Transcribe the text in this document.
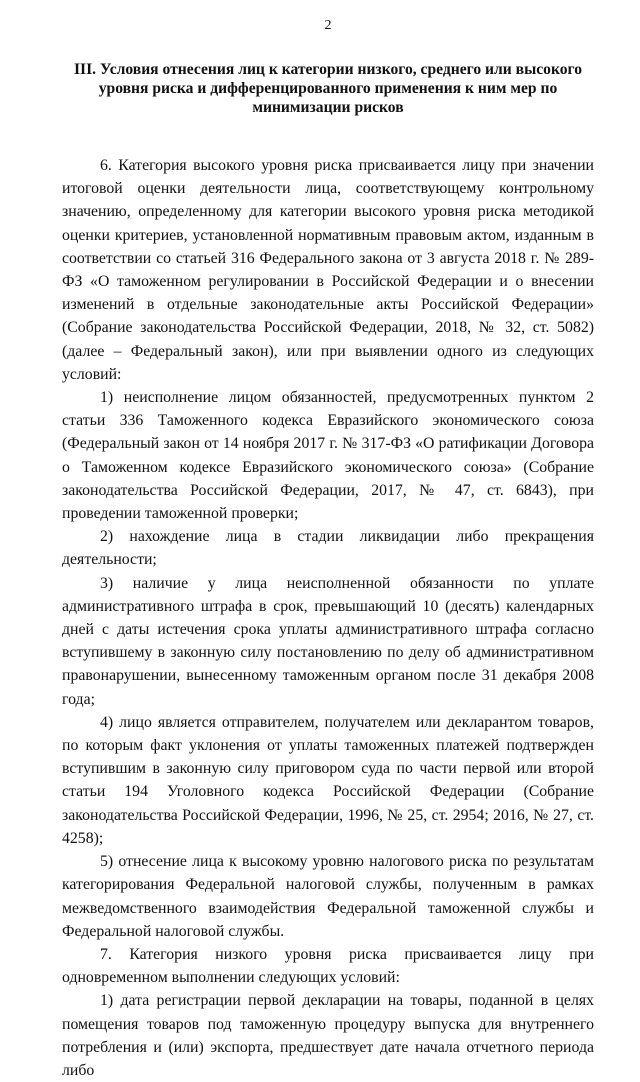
2
III. Условия отнесения лиц к категории низкого, среднего или высокого
уровня риска и дифференцированного применения к ним мер по
минимизации рисков

6. Категория высокого уровня риска присваивается лицу при значении итоговой оценки деятельности лица, соответствующему контрольному значению, определенному для категории высокого уровня риска методикой оценки критериев, установленной нормативным правовым актом, изданным в соответствии со статьей 316 Федерального закона от 3 августа 2018 г. № 289-ФЗ «О таможенном регулировании в Российской Федерации и о внесении изменений в отдельные законодательные акты Российской Федерации» (Собрание законодательства Российской Федерации, 2018, № 32, ст. 5082) (далее – Федеральный закон), или при выявлении одного из следующих условий:

1) неисполнение лицом обязанностей, предусмотренных пунктом 2 статьи 336 Таможенного кодекса Евразийского экономического союза (Федеральный закон от 14 ноября 2017 г. № 317-ФЗ «О ратификации Договора о Таможенном кодексе Евразийского экономического союза» (Собрание законодательства Российской Федерации, 2017, № 47, ст. 6843), при проведении таможенной проверки;

2) нахождение лица в стадии ликвидации либо прекращения деятельности;

3) наличие у лица неисполненной обязанности по уплате административного штрафа в срок, превышающий 10 (десять) календарных дней с даты истечения срока уплаты административного штрафа согласно вступившему в законную силу постановлению по делу об административном правонарушении, вынесенному таможенным органом после 31 декабря 2008 года;

4) лицо является отправителем, получателем или декларантом товаров, по которым факт уклонения от уплаты таможенных платежей подтвержден вступившим в законную силу приговором суда по части первой или второй статьи 194 Уголовного кодекса Российской Федерации (Собрание законодательства Российской Федерации, 1996, № 25, ст. 2954; 2016, № 27, ст. 4258);

5) отнесение лица к высокому уровню налогового риска по результатам категорирования Федеральной налоговой службы, полученным в рамках межведомственного взаимодействия Федеральной таможенной службы и Федеральной налоговой службы.

7. Категория низкого уровня риска присваивается лицу при одновременном выполнении следующих условий:

1) дата регистрации первой декларации на товары, поданной в целях помещения товаров под таможенную процедуру выпуска для внутреннего потребления и (или) экспорта, предшествует дате начала отчетного периода либо
